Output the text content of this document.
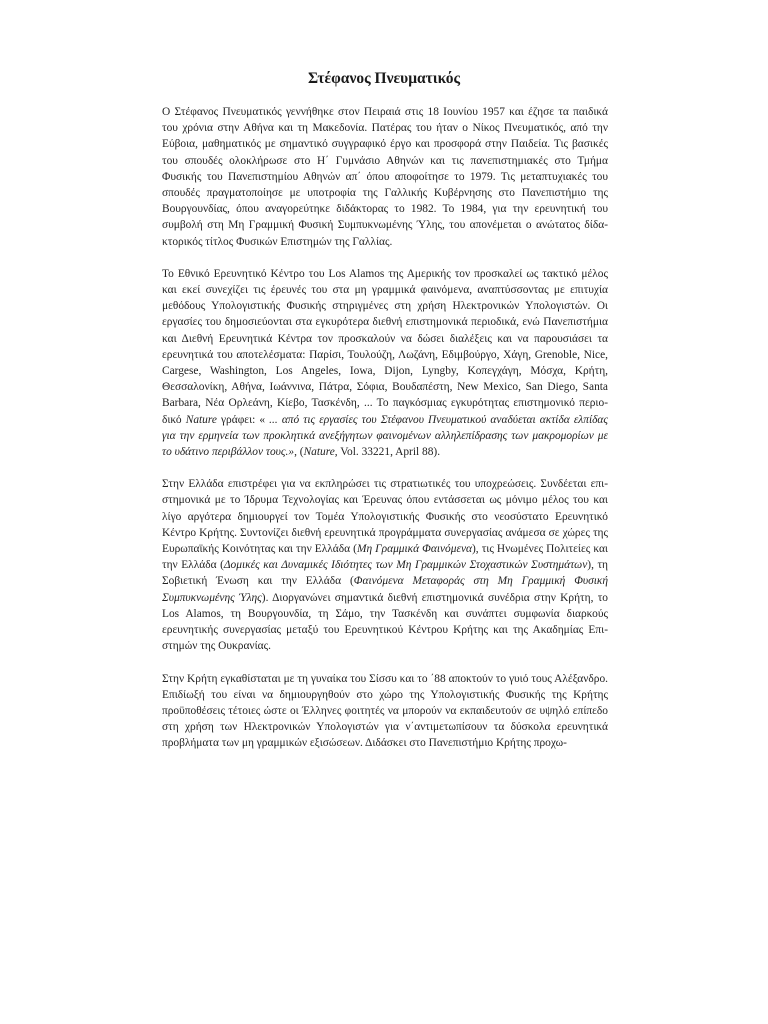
Στέφανος Πνευματικός

Ο Στέφανος Πνευματικός γεννήθηκε στον Πειραιά στις 18 Ιουνίου 1957 και έζησε τα παιδικά του χρόνια στην Αθήνα και τη Μακεδονία. Πατέρας του ήταν ο Νίκος Πνευματικός, από την Εύβοια, μαθηματικός με σημαντικό συγγραφικό έργο και προσφορά στην Παιδεία. Τις βασικές του σπουδές ολοκλήρωσε στο Η΄ Γυμνάσιο Αθηνών και τις πανεπιστημιακές στο Τμήμα Φυσικής του Πανεπιστημίου Αθηνών απ΄ όπου αποφοίτησε το 1979. Τις μεταπτυχιακές του σπουδές πραγματοποίησε με υποτροφία της Γαλλικής Κυβέρνησης στο Πανεπιστήμιο της Βουργουνδίας, όπου αναγορεύτηκε διδάκτορας το 1982. Το 1984, για την ερευνητική του συμβολή στη Μη Γραμμική Φυσική Συμπυκνωμένης Ύλης, του απονέμεται ο ανώτατος δίδακτορικός τίτλος Φυσικών Επιστημών της Γαλλίας.

Το Εθνικό Ερευνητικό Κέντρο του Los Alamos της Αμερικής τον προσκαλεί ως τακτικό μέλος και εκεί συνεχίζει τις έρευνές του στα μη γραμμικά φαινόμενα, αναπτύσσοντας με επιτυχία μεθόδους Υπολογιστικής Φυσικής στηριγμένες στη χρήση Ηλεκτρονικών Υπολογιστών. Οι εργασίες του δημοσιεύονται στα εγκυρότερα διεθνή επιστημονικά περιοδικά, ενώ Πανεπιστήμια και Διεθνή Ερευνητικά Κέντρα τον προσκαλούν να δώσει διαλέξεις και να παρουσιάσει τα ερευνητικά του αποτελέσματα: Παρίσι, Τουλούζη, Λωζάνη, Εδιμβούργο, Χάγη, Grenoble, Nice, Cargese, Washington, Los Angeles, Iowa, Dijon, Lyngby, Κοπεγχάγη, Μόσχα, Κρήτη, Θεσσαλονίκη, Αθήνα, Ιωάννινα, Πάτρα, Σόφια, Βουδαπέστη, New Mexico, San Diego, Santa Barbara, Νέα Ορλεάνη, Κίεβο, Τασκένδη, ... Το παγκόσμιας εγκυρότητας επιστημονικό περιοδικό Nature γράφει: « ... από τις εργασίες του Στέφανου Πνευματικού αναδύεται ακτίδα ελπίδας για την ερμηνεία των προκλητικά ανεξήγητων φαινομένων αλληλεπίδρασης των μακρομορίων με το υδάτινο περιβάλλον τους.», (Nature, Vol. 33221, April 88).

Στην Ελλάδα επιστρέφει για να εκπληρώσει τις στρατιωτικές του υποχρεώσεις. Συνδέεται επιστημονικά με το Ίδρυμα Τεχνολογίας και Έρευνας όπου εντάσσεται ως μόνιμο μέλος του και λίγο αργότερα δημιουργεί τον Τομέα Υπολογιστικής Φυσικής στο νεοσύστατο Ερευνητικό Κέντρο Κρήτης. Συντονίζει διεθνή ερευνητικά προγράμματα συνεργασίας ανάμεσα σε χώρες της Ευρωπαϊκής Κοινότητας και την Ελλάδα (Μη Γραμμικά Φαινόμενα), τις Ηνωμένες Πολιτείες και την Ελλάδα (Δομικές και Δυναμικές Ιδιότητες των Μη Γραμμικών Στοχαστικών Συστημάτων), τη Σοβιετική Ένωση και την Ελλάδα (Φαινόμενα Μεταφοράς στη Μη Γραμμική Φυσική Συμπυκνωμένης Ύλης). Διοργανώνει σημαντικά διεθνή επιστημονικά συνέδρια στην Κρήτη, το Los Alamos, τη Βουργουνδία, τη Σάμο, την Τασκένδη και συνάπτει συμφωνία διαρκούς ερευνητικής συνεργασίας μεταξύ του Ερευνητικού Κέντρου Κρήτης και της Ακαδημίας Επιστημών της Ουκρανίας.

Στην Κρήτη εγκαθίσταται με τη γυναίκα του Σίσσυ και το ΄88 αποκτούν το γυιό τους Αλέξανδρο. Επιδίωξή του είναι να δημιουργηθούν στο χώρο της Υπολογιστικής Φυσικής της Κρήτης προϋποθέσεις τέτοιες ώστε οι Έλληνες φοιτητές να μπορούν να εκπαιδευτούν σε υψηλό επίπεδο στη χρήση των Ηλεκτρονικών Υπολογιστών για ν΄αντιμετωπίσουν τα δύσκολα ερευνητικά προβλήματα των μη γραμμικών εξισώσεων. Διδάσκει στο Πανεπιστήμιο Κρήτης προχω-
